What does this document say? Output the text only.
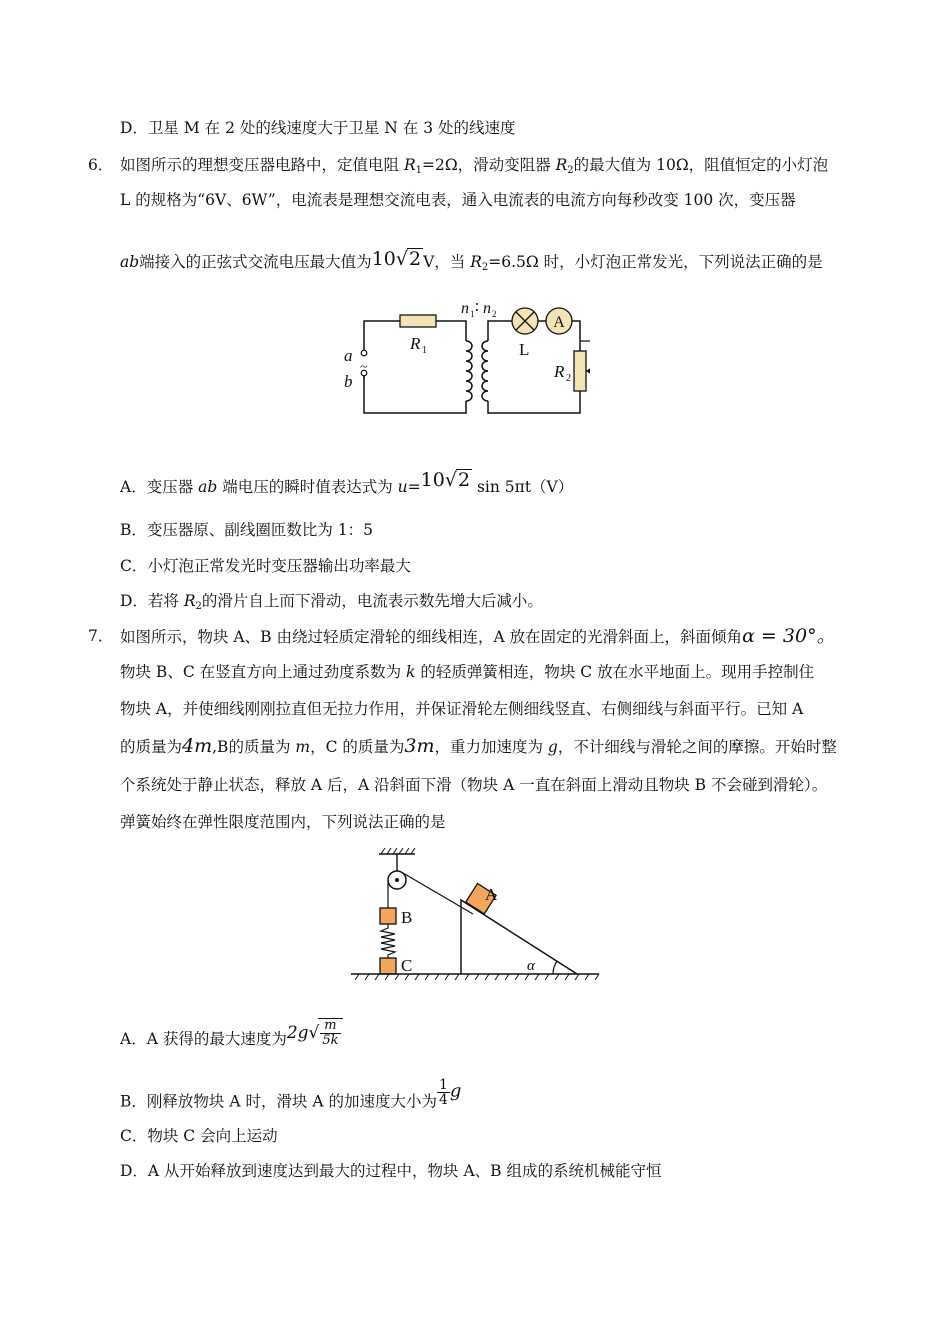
D．卫星 M 在 2 处的线速度大于卫星 N 在 3 处的线速度
6． 如图所示的理想变压器电路中，定值电阻 $R_1=2\Omega$，滑动变阻器 $R_2$的最大值为 10Ω，阻值恒定的小灯泡
L 的规格为“6V、6W”，电流表是理想交流电表，通入电流表的电流方向每秒改变 100 次，变压器
ab端接入的正弦式交流电压最大值为10√2 V，当 $R_2=6.5\Omega$ 时，小灯泡正常发光，下列说法正确的是
A
a
b
~
R 1
n 1 ∶ n 2
L
R 2
A．变压器 ab 端电压的瞬时值表达式为 u=10√2 sin 5πt（V）
B．变压器原、副线圈匝数比为 1：5
C．小灯泡正常发光时变压器输出功率最大
D．若将 $R_2$的滑片自上而下滑动，电流表示数先增大后减小。
7． 如图所示，物块 A、B 由绕过轻质定滑轮的细线相连，A 放在固定的光滑斜面上，斜面倾角α = 30°。
物块 B、C 在竖直方向上通过劲度系数为 k 的轻质弹簧相连，物块 C 放在水平地面上。现用手控制住
物块 A，并使细线刚刚拉直但无拉力作用，并保证滑轮左侧细线竖直、右侧细线与斜面平行。已知 A
的质量为4m,B的质量为 m，C 的质量为3m，重力加速度为 g，不计细线与滑轮之间的摩擦。开始时整
个系统处于静止状态，释放 A 后，A 沿斜面下滑（物块 A 一直在斜面上滑动且物块 B 不会碰到滑轮）。
弹簧始终在弹性限度范围内，下列说法正确的是
B
C
A
α
A．A 获得的最大速度为$2g√ \frac{m}{5k}$
B．刚释放物块 A 时，滑块 A 的加速度大小为 $\frac{1}{4}$ g
C．物块 C 会向上运动
D．A 从开始释放到速度达到最大的过程中，物块 A、B 组成的系统机械能守恒
